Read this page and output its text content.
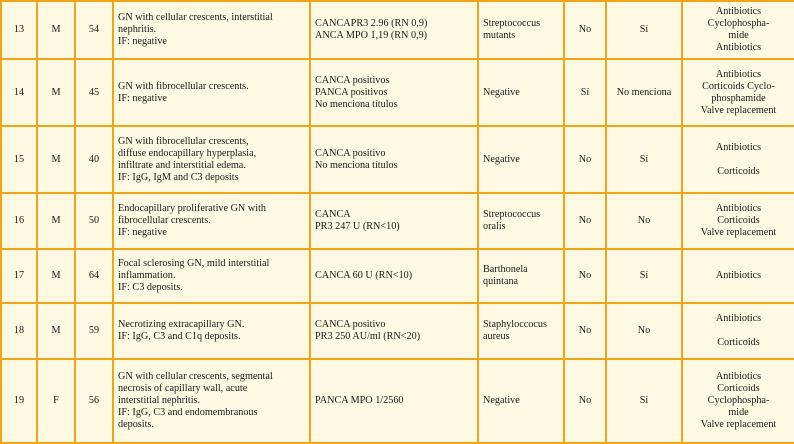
13	M	54	GN with cellular crescents, interstitial
nephritis.
IF: negative	CANCAPR3 2.96 (RN 0,9)
ANCA MPO 1,19 (RN 0,9)	Streptococcus
mutants	No	Sí	Antibiotics
Cyclophospha-
mide
Antibiotics

14	M	45	GN with fibrocellular crescents.
IF: negative	CANCA positivos
PANCA positivos
No menciona títulos	Negative	Sí	No menciona	Antibiotics
Corticoids Cyclo-
phosphamide
Valve replacement

15	M	40	GN with fibrocellular crescents,
diffuse endocapillary hyperplasia,
infiltrate and interstitial edema.
IF: IgG, IgM and C3 deposits	CANCA positivo
No menciona títulos	Negative	No	Sí	Antibiotics
Corticoids

16	M	50	Endocapillary proliferative GN with
fibrocellular crescents.
IF: negative	CANCA
PR3 247 U (RN<10)	Streptococcus
oralis	No	No	Antibiotics
Corticoids
Valve replacement

17	M	64	Focal sclerosing GN, mild interstitial
inflammation.
IF: C3 deposits.	CANCA 60 U (RN<10)	Barthonela
quintana	No	Sí	Antibiotics

18	M	59	Necrotizing extracapillary GN.
IF: IgG, C3 and C1q deposits.	CANCA positivo
PR3 250 AU/ml (RN<20)	Staphyloccocus
aureus	No	No	Antibiotics
Corticoids

19	F	56	GN with cellular crescents, segmental
necrosis of capillary wall, acute
interstitial nephritis.
IF: IgG, C3 and endomembranous
deposits.	PANCA MPO 1/2560	Negative	No	Sí	Antibiotics
Corticoids
Cyclophospha-
mide
Valve replacement
